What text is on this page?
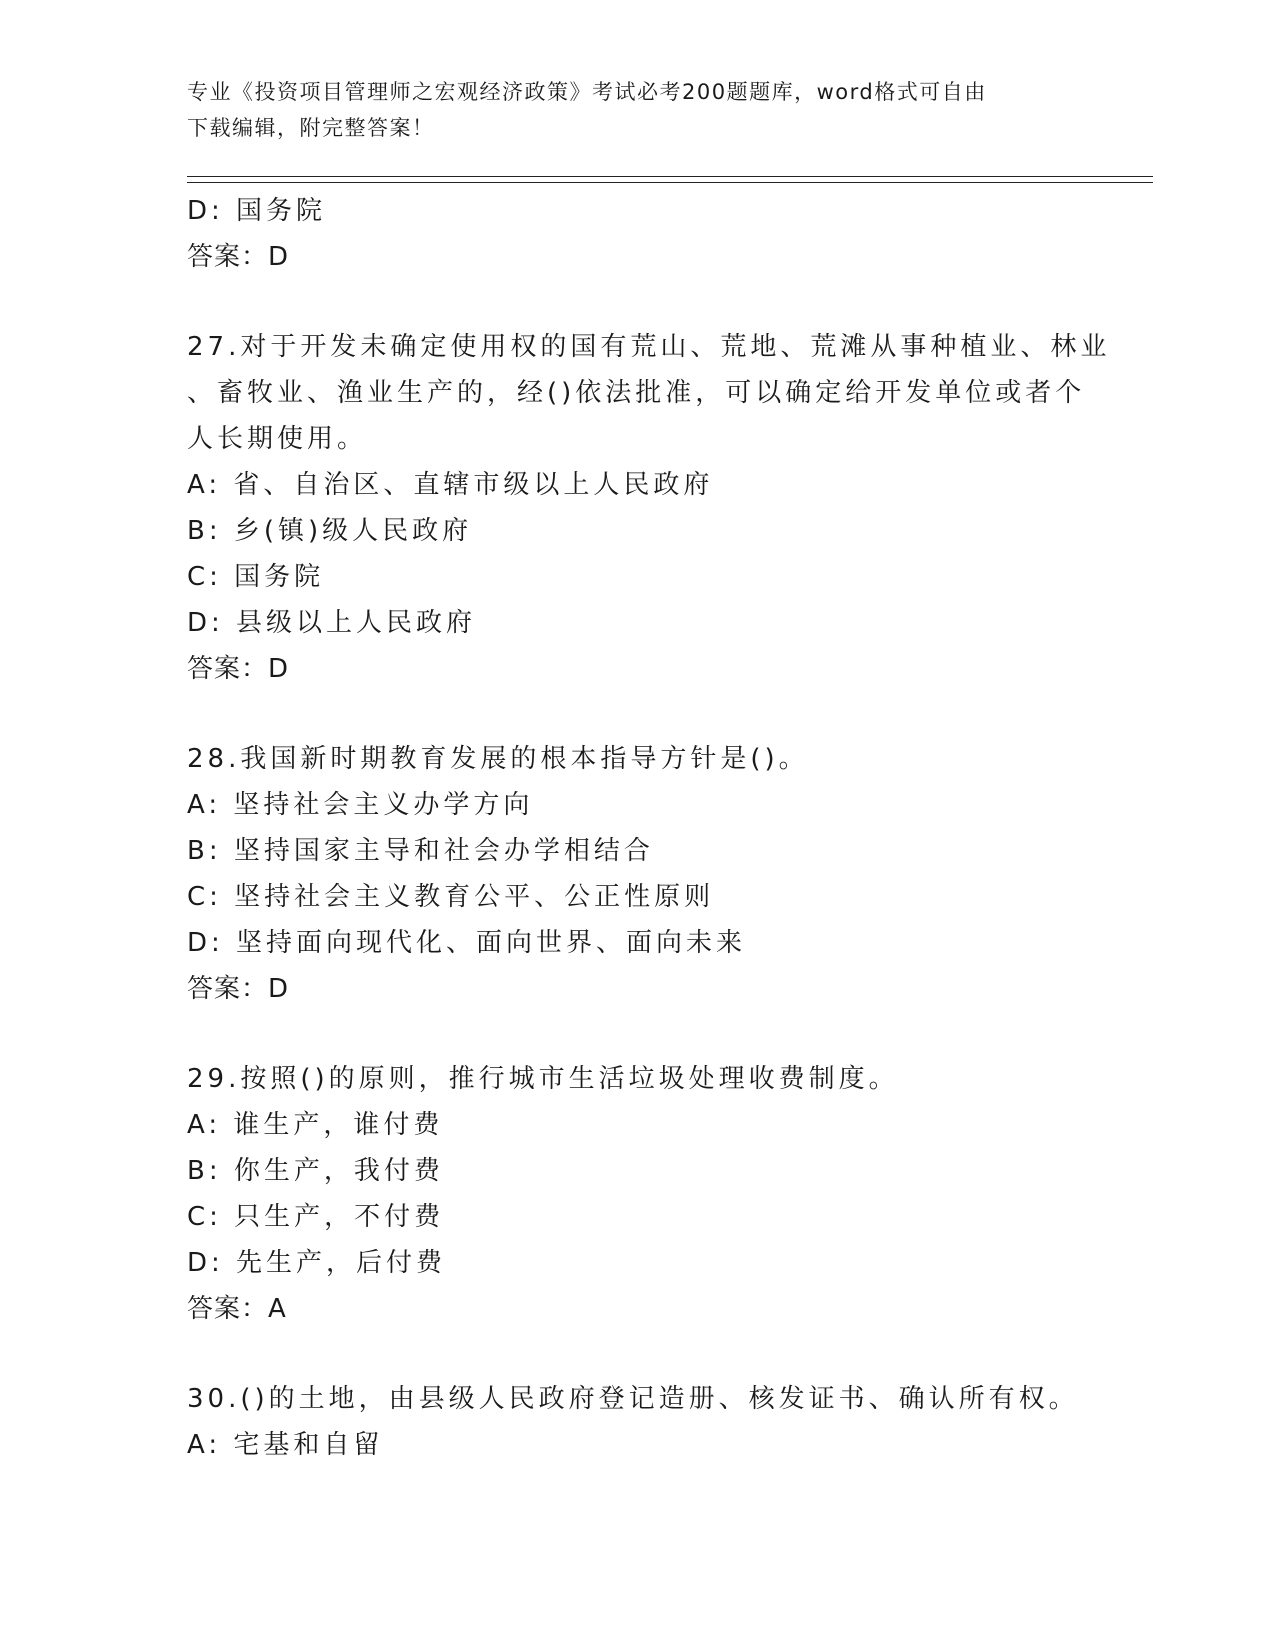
专业《投资项目管理师之宏观经济政策》考试必考200题题库，word格式可自由
下载编辑，附完整答案！
D: 国务院
答案：D
27.对于开发未确定使用权的国有荒山、荒地、荒滩从事种植业、林业
、畜牧业、渔业生产的，经()依法批准，可以确定给开发单位或者个
人长期使用。
A: 省、自治区、直辖市级以上人民政府
B: 乡(镇)级人民政府
C: 国务院
D: 县级以上人民政府
答案：D
28.我国新时期教育发展的根本指导方针是()。
A: 坚持社会主义办学方向
B: 坚持国家主导和社会办学相结合
C: 坚持社会主义教育公平、公正性原则
D: 坚持面向现代化、面向世界、面向未来
答案：D
29.按照()的原则，推行城市生活垃圾处理收费制度。
A: 谁生产，谁付费
B: 你生产，我付费
C: 只生产，不付费
D: 先生产，后付费
答案：A
30.()的土地，由县级人民政府登记造册、核发证书、确认所有权。
A: 宅基和自留
